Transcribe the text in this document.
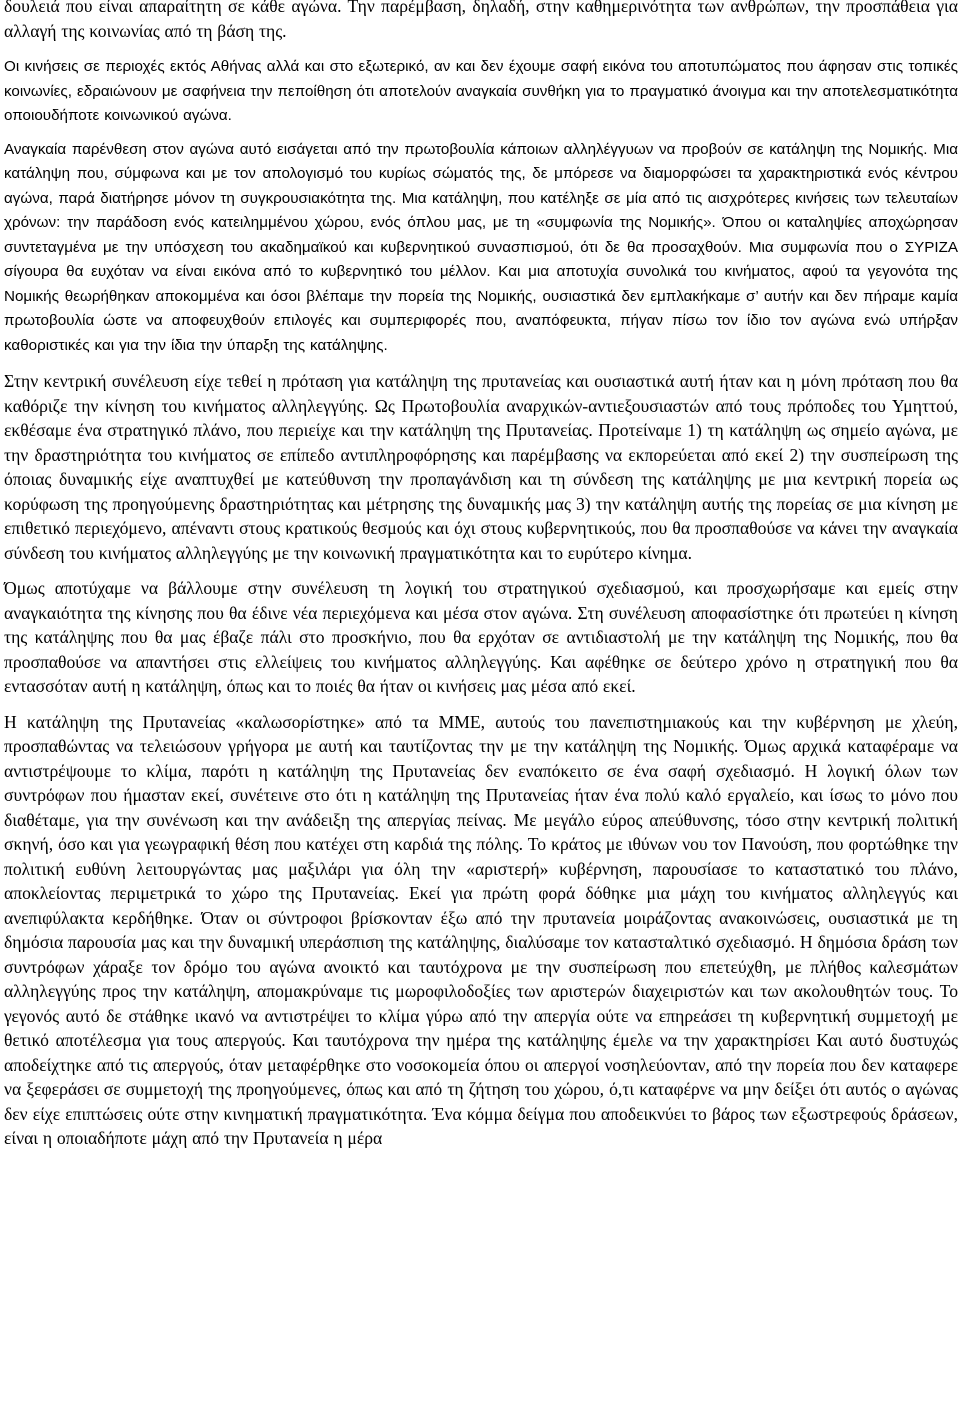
δουλειά που είναι απαραίτητη σε κάθε αγώνα. Την παρέμβαση, δηλαδή, στην καθημερινότητα των ανθρώπων, την προσπάθεια για αλλαγή της κοινωνίας από τη βάση της.

Οι κινήσεις σε περιοχές εκτός Αθήνας αλλά και στο εξωτερικό, αν και δεν έχουμε σαφή εικόνα του αποτυπώματος που άφησαν στις τοπικές κοινωνίες, εδραιώνουν με σαφήνεια την πεποίθηση ότι αποτελούν αναγκαία συνθήκη για το πραγματικό άνοιγμα και την αποτελεσματικότητα οποιουδήποτε κοινωνικού αγώνα.

Αναγκαία παρένθεση στον αγώνα αυτό εισάγεται από την πρωτοβουλία κάποιων αλληλέγγυων να προβούν σε κατάληψη της Νομικής. Μια κατάληψη που, σύμφωνα και με τον απολογισμό του κυρίως σώματός της, δε μπόρεσε να διαμορφώσει τα χαρακτηριστικά ενός κέντρου αγώνα, παρά διατήρησε μόνον τη συγκρουσιακότητα της. Μια κατάληψη, που κατέληξε σε μία από τις αισχρότερες κινήσεις των τελευταίων χρόνων: την παράδοση ενός κατειλημμένου χώρου, ενός όπλου μας, με τη «συμφωνία της Νομικής». Όπου οι καταληψίες αποχώρησαν συντεταγμένα με την υπόσχεση του ακαδημαϊκού και κυβερνητικού συνασπισμού, ότι δε θα προσαχθούν. Μια συμφωνία που ο ΣΥΡΙΖΑ σίγουρα θα ευχόταν να είναι εικόνα από το κυβερνητικό του μέλλον. Και μια αποτυχία συνολικά του κινήματος, αφού τα γεγονότα της Νομικής θεωρήθηκαν αποκομμένα και όσοι βλέπαμε την πορεία της Νομικής, ουσιαστικά δεν εμπλακήκαμε σ’ αυτήν και δεν πήραμε καμία πρωτοβουλία ώστε να αποφευχθούν επιλογές και συμπεριφορές που, αναπόφευκτα, πήγαν πίσω τον ίδιο τον αγώνα ενώ υπήρξαν καθοριστικές και για την ίδια την ύπαρξη της κατάληψης.

Στην κεντρική συνέλευση είχε τεθεί η πρόταση για κατάληψη της πρυτανείας και ουσιαστικά αυτή ήταν και η μόνη πρόταση που θα καθόριζε την κίνηση του κινήματος αλληλεγγύης. Ως Πρωτοβουλία αναρχικών-αντιεξουσιαστών από τους πρόποδες του Υμηττού, εκθέσαμε ένα στρατηγικό πλάνο, που περιείχε και την κατάληψη της Πρυτανείας. Προτείναμε 1) τη κατάληψη ως σημείο αγώνα, με την δραστηριότητα του κινήματος σε επίπεδο αντιπληροφόρησης και παρέμβασης να εκπορεύεται από εκεί 2) την συσπείρωση της όποιας δυναμικής είχε αναπτυχθεί με κατεύθυνση την προπαγάνδιση και τη σύνδεση της κατάληψης με μια κεντρική πορεία ως κορύφωση της προηγούμενης δραστηριότητας και μέτρησης της δυναμικής μας 3) την κατάληψη αυτής της πορείας σε μια κίνηση με επιθετικό περιεχόμενο, απέναντι στους κρατικούς θεσμούς και όχι στους κυβερνητικούς, που θα προσπαθούσε να κάνει την αναγκαία σύνδεση του κινήματος αλληλεγγύης με την κοινωνική πραγματικότητα και το ευρύτερο κίνημα.

Όμως αποτύχαμε να βάλλουμε στην συνέλευση τη λογική του στρατηγικού σχεδιασμού, και προσχωρήσαμε και εμείς στην αναγκαιότητα της κίνησης που θα έδινε νέα περιεχόμενα και μέσα στον αγώνα. Στη συνέλευση αποφασίστηκε ότι πρωτεύει η κίνηση της κατάληψης που θα μας έβαζε πάλι στο προσκήνιο, που θα ερχόταν σε αντιδιαστολή με την κατάληψη της Νομικής, που θα προσπαθούσε να απαντήσει στις ελλείψεις του κινήματος αλληλεγγύης. Και αφέθηκε σε δεύτερο χρόνο η στρατηγική που θα εντασσόταν αυτή η κατάληψη, όπως και το ποιές θα ήταν οι κινήσεις μας μέσα από εκεί.

Η κατάληψη της Πρυτανείας «καλωσορίστηκε» από τα ΜΜΕ, αυτούς του πανεπιστημιακούς και την κυβέρνηση με χλεύη, προσπαθώντας να τελειώσουν γρήγορα με αυτή και ταυτίζοντας την με την κατάληψη της Νομικής. Όμως αρχικά καταφέραμε να αντιστρέψουμε το κλίμα, παρότι η κατάληψη της Πρυτανείας δεν εναπόκειτο σε ένα σαφή σχεδιασμό. Η λογική όλων των συντρόφων που ήμασταν εκεί, συνέτεινε στο ότι η κατάληψη της Πρυτανείας ήταν ένα πολύ καλό εργαλείο, και ίσως το μόνο που διαθέταμε, για την συνένωση και την ανάδειξη της απεργίας πείνας. Με μεγάλο εύρος απεύθυνσης, τόσο στην κεντρική πολιτική σκηνή, όσο και για γεωγραφική θέση που κατέχει στη καρδιά της πόλης. Το κράτος με ιθύνων νου τον Πανούση, που φορτώθηκε την πολιτική ευθύνη λειτουργώντας μας μαξιλάρι για όλη την «αριστερή» κυβέρνηση, παρουσίασε το καταστατικό του πλάνο, αποκλείοντας περιμετρικά το χώρο της Πρυτανείας. Εκεί για πρώτη φορά δόθηκε μια μάχη του κινήματος αλληλεγγύς και ανεπιφύλακτα κερδήθηκε. Όταν οι σύντροφοι βρίσκονταν έξω από την πρυτανεία μοιράζοντας ανακοινώσεις, ουσιαστικά με τη δημόσια παρουσία μας και την δυναμική υπεράσπιση της κατάληψης, διαλύσαμε τον κατασταλτικό σχεδιασμό. Η δημόσια δράση των συντρόφων χάραξε τον δρόμο του αγώνα ανοικτό και ταυτόχρονα με την συσπείρωση που επετεύχθη, με πλήθος καλεσμάτων αλληλεγγύης προς την κατάληψη, απομακρύναμε τις μωροφιλοδοξίες των αριστερών διαχειριστών και των ακολουθητών τους. Το γεγονός αυτό δε στάθηκε ικανό να αντιστρέψει το κλίμα γύρω από την απεργία ούτε να επηρεάσει τη κυβερνητική συμμετοχή με θετικό αποτέλεσμα για τους απεργούς. Και ταυτόχρονα την ημέρα της κατάληψης έμελε να την χαρακτηρίσει Και αυτό δυστυχώς αποδείχτηκε από τις απεργούς, όταν μεταφέρθηκε στο νοσοκομεία όπου οι απεργοί νοσηλεύονταν, από την πορεία που δεν καταφερε να ξεφεράσει σε συμμετοχή της προηγούμενες, όπως και από τη ζήτηση του χώρου, ό,τι καταφέρνε να μην δείξει ότι αυτός ο αγώνας δεν είχε επιπτώσεις ούτε στην κινηματική πραγματικότητα. Ένα κόμμα δείγμα που αποδεικνύει το βάρος των εξωστρεφούς δράσεων, είναι η οποιαδήποτε μάχη από την Πρυτανεία η μέρα
